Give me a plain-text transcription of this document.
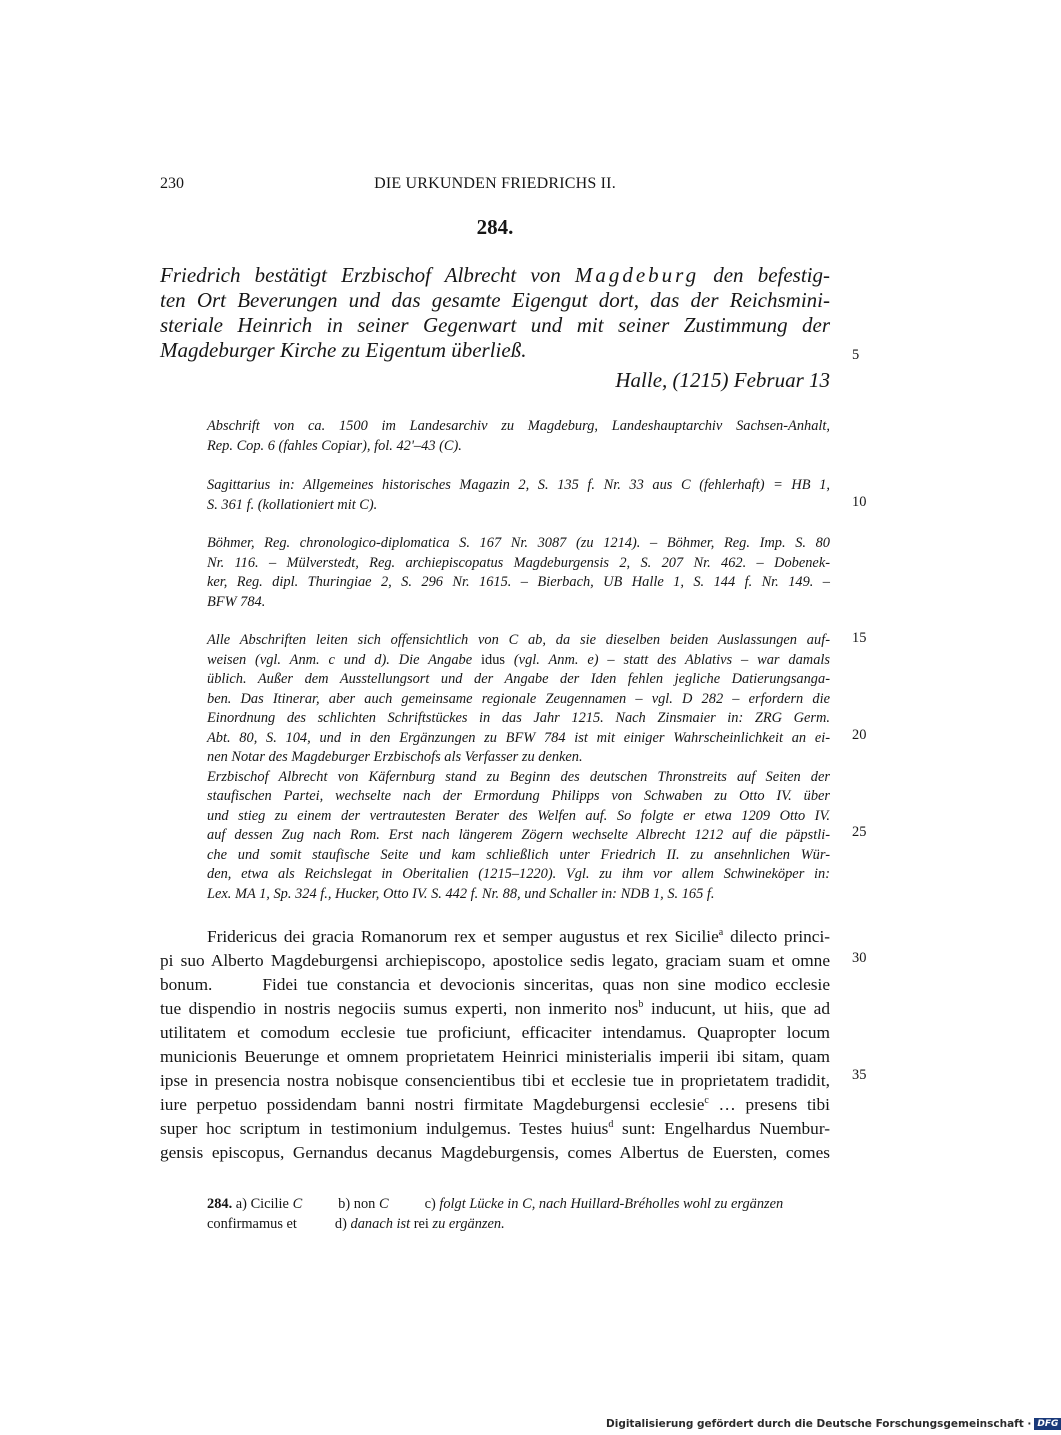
230	DIE URKUNDEN FRIEDRICHS II.
284.
Friedrich bestätigt Erzbischof Albrecht von Magdeburg den befestig-
ten Ort Beverungen und das gesamte Eigengut dort, das der Reichsmini-
steriale Heinrich in seiner Gegenwart und mit seiner Zustimmung der
Magdeburger Kirche zu Eigentum überließ.
Halle, (1215) Februar 13
Abschrift von ca. 1500 im Landesarchiv zu Magdeburg, Landeshauptarchiv Sachsen-Anhalt,
Rep. Cop. 6 (fahles Copiar), fol. 42'–43 (C).
Sagittarius in: Allgemeines historisches Magazin 2, S. 135 f. Nr. 33 aus C (fehlerhaft) = HB 1,
S. 361 f. (kollationiert mit C).
Böhmer, Reg. chronologico-diplomatica S. 167 Nr. 3087 (zu 1214). – Böhmer, Reg. Imp. S. 80
Nr. 116. – Mülverstedt, Reg. archiepiscopatus Magdeburgensis 2, S. 207 Nr. 462. – Dobenek-
ker, Reg. dipl. Thuringiae 2, S. 296 Nr. 1615. – Bierbach, UB Halle 1, S. 144 f. Nr. 149. –
BFW 784.
Alle Abschriften leiten sich offensichtlich von C ab, da sie dieselben beiden Auslassungen auf-
weisen (vgl. Anm. c und d). Die Angabe idus (vgl. Anm. e) – statt des Ablativs – war damals
üblich. Außer dem Ausstellungsort und der Angabe der Iden fehlen jegliche Datierungsanga-
ben. Das Itinerar, aber auch gemeinsame regionale Zeugennamen – vgl. D 282 – erfordern die
Einordnung des schlichten Schriftstückes in das Jahr 1215. Nach Zinsmaier in: ZRG Germ.
Abt. 80, S. 104, und in den Ergänzungen zu BFW 784 ist mit einiger Wahrscheinlichkeit an ei-
nen Notar des Magdeburger Erzbischofs als Verfasser zu denken.
Erzbischof Albrecht von Käfernburg stand zu Beginn des deutschen Thronstreits auf Seiten der
staufischen Partei, wechselte nach der Ermordung Philipps von Schwaben zu Otto IV. über
und stieg zu einem der vertrautesten Berater des Welfen auf. So folgte er etwa 1209 Otto IV.
auf dessen Zug nach Rom. Erst nach längerem Zögern wechselte Albrecht 1212 auf die päpstli-
che und somit staufische Seite und kam schließlich unter Friedrich II. zu ansehnlichen Wür-
den, etwa als Reichslegat in Oberitalien (1215–1220). Vgl. zu ihm vor allem Schwineköper in:
Lex. MA 1, Sp. 324 f., Hucker, Otto IV. S. 442 f. Nr. 88, und Schaller in: NDB 1, S. 165 f.
Fridericus dei gracia Romanorum rex et semper augustus et rex Sicilie$^a$ dilecto princi-
pi suo Alberto Magdeburgensi archiepiscopo, apostolice sedis legato, graciam suam et omne
bonum.	Fidei tue constancia et devocionis sinceritas, quas non sine modico ecclesie
tue dispendio in nostris negociis sumus experti, non inmerito nos$^b$ inducunt, ut hiis, que ad
utilitatem et comodum ecclesie tue proficiunt, efficaciter intendamus. Quapropter locum
municionis Beuerunge et omnem proprietatem Heinrici ministerialis imperii ibi sitam, quam
ipse in presencia nostra nobisque consencientibus tibi et ecclesie tue in proprietatem tradidit,
iure perpetuo possidendam banni nostri firmitate Magdeburgensi ecclesie$^c$ … presens tibi
super hoc scriptum in testimonium indulgemus. Testes huius$^d$ sunt: Engelhardus Nuembur-
gensis episcopus, Gernandus decanus Magdeburgensis, comes Albertus de Euersten, comes
5
10
15
20
25
30
35
284. a) Cicilie C	b) non C	c) folgt Lücke in C, nach Huillard-Bréholles wohl zu ergänzen
confirmamus et	d) danach ist rei zu ergänzen.
Digitalisierung gefördert durch die Deutsche Forschungsgemeinschaft · DFG
